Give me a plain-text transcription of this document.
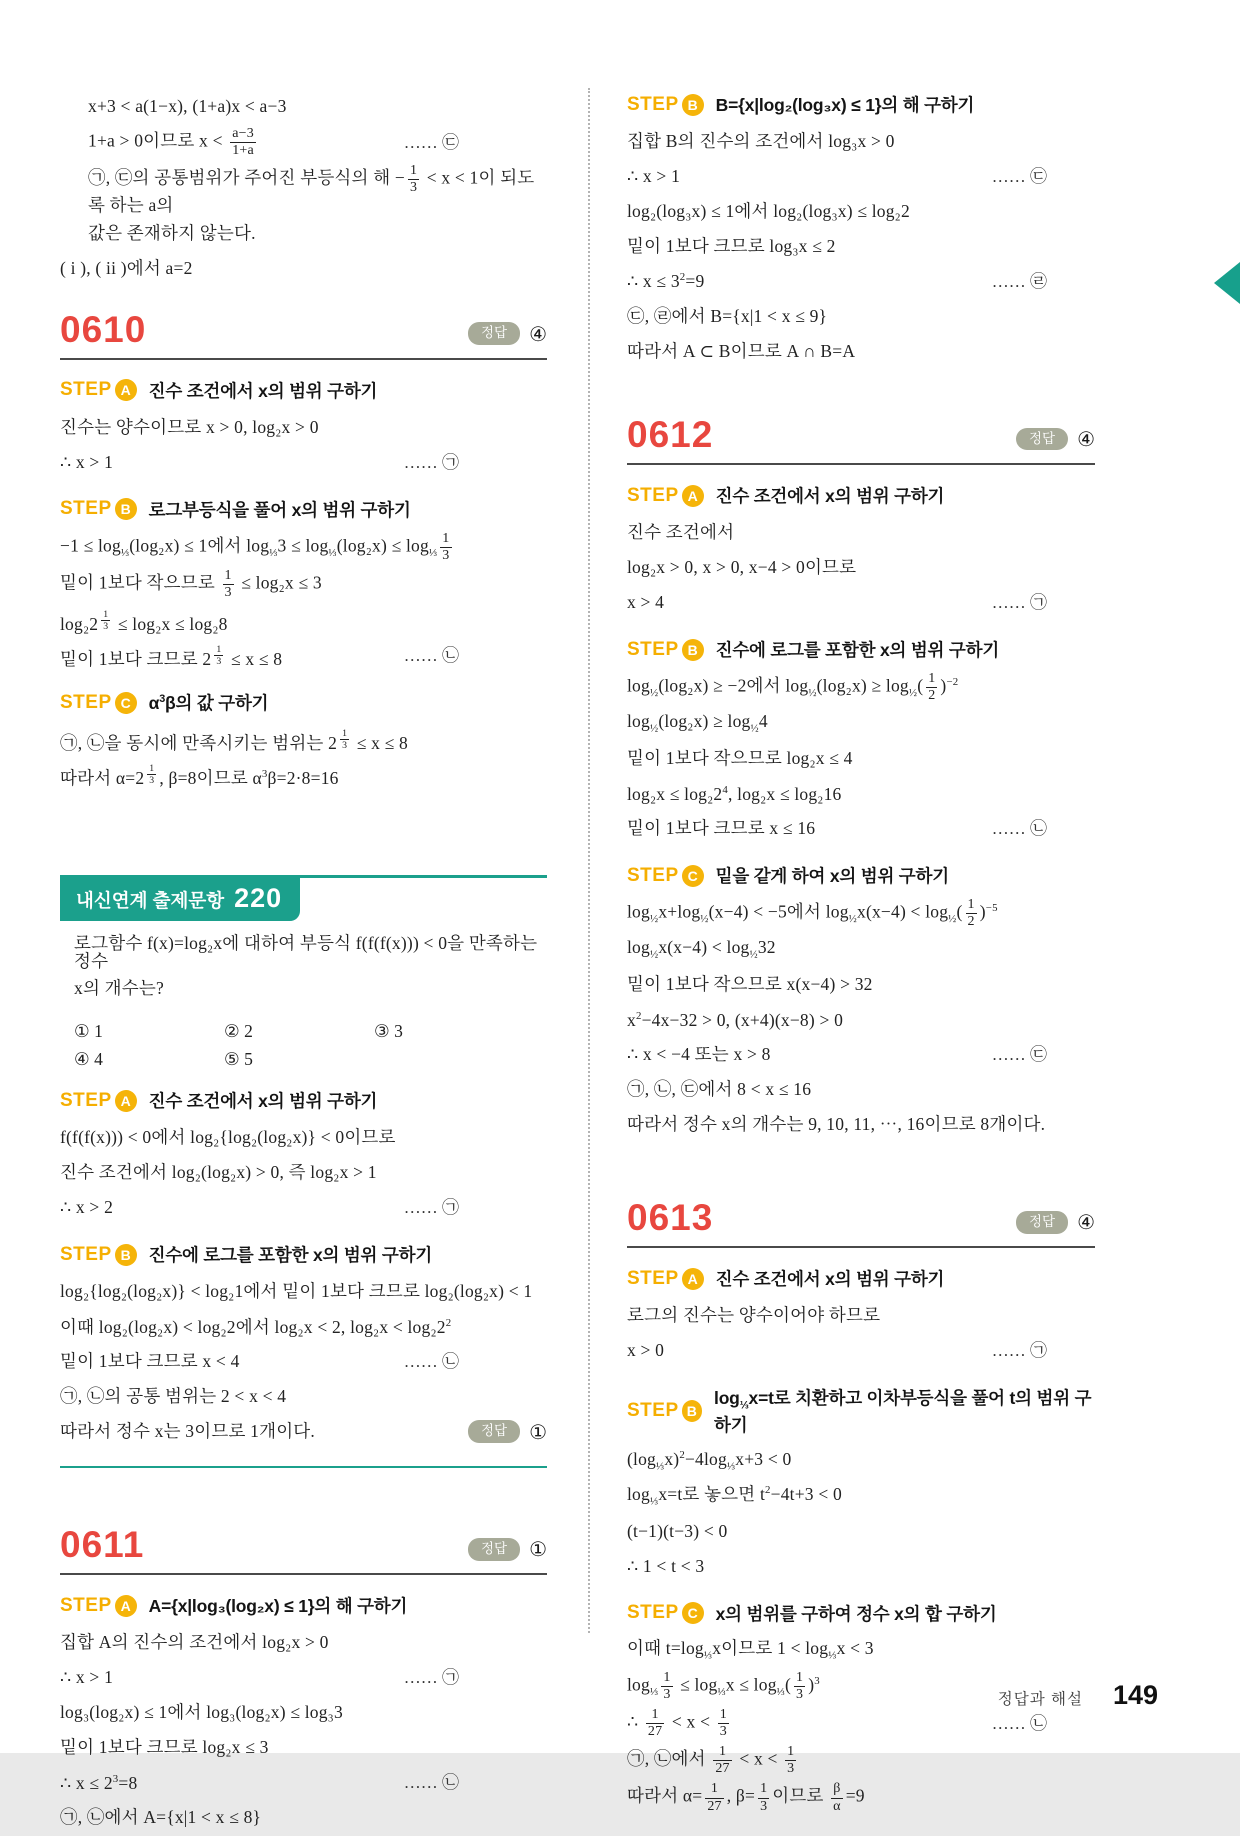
x+3 < a(1−x), (1+a)x < a−3
1+a > 0이므로 $x < \frac{a-3}{1+a}$	…… ㉢
㉠, ㉢의 공통범위가 주어진 부등식의 해 − $\frac{1}{3} < x < 1$이 되도록 하는 a의
값은 존재하지 않는다.
( i ), ( ii )에서 a=2
0610	정답	④
STEP A	진수 조건에서 x의 범위 구하기
진수는 양수이므로 x > 0, log₂x > 0
∴ x > 1	…… ㉠
STEP B	로그부등식을 풀어 x의 범위 구하기
$-1 \le \log_{\frac{1}{3}}(\log_2x) \le 1$에서 $\log_{\frac{1}{3}}3 \le \log_{\frac{1}{3}}(\log_2x) \le \log_{\frac{1}{3}} \frac{1}{3}$
밑이 1보다 작으므로 $\frac{1}{3} \le \log_2x \le 3$
log₂2 $^{\frac{1}{3}}$ ≤ log₂x ≤ log₂8
밑이 1보다 크므로 2 $^{\frac{1}{3}}$ ≤ x ≤ 8	…… ㉡
STEP C	$\alpha^3\beta$의 값 구하기
㉠, ㉡을 동시에 만족시키는 범위는 2 $^{\frac{1}{3}}$ ≤ x ≤ 8
따라서 α=2 $^{\frac{1}{3}}$ , β=8이므로 $\alpha^3\beta=2\cdot 8=16$
내신연계 출제문항 220
로그함수 f(x)=log₂x에 대하여 부등식 f(f(f(x))) < 0을 만족하는 정수
x의 개수는?
① 1	② 2	③ 3
④ 4	⑤ 5
STEP A	진수 조건에서 x의 범위 구하기
f(f(f(x))) < 0에서 log₂{log₂(log₂x)} < 0이므로
진수 조건에서 log₂(log₂x) > 0, 즉 log₂x > 1
∴ x > 2	…… ㉠
STEP B	진수에 로그를 포함한 x의 범위 구하기
log₂{log₂(log₂x)} < log₂1에서 밑이 1보다 크므로 log₂(log₂x) < 1
이때 log₂(log₂x) < log₂2에서 log₂x < 2, $\log_2x < \log_22^2$
밑이 1보다 크므로 x < 4	…… ㉡
㉠, ㉡의 공통 범위는 2 < x < 4
따라서 정수 x는 3이므로 1개이다.	정답	①
0611	정답	①
STEP A	A={x|log₃(log₂x) ≤ 1}의 해 구하기
집합 A의 진수의 조건에서 log₂x > 0
∴ x > 1	…… ㉠
log₃(log₂x) ≤ 1에서 log₃(log₂x) ≤ log₃3
밑이 1보다 크므로 log₂x ≤ 3
∴ $x \le 2^3=8$	…… ㉡
㉠, ㉡에서 A={x|1 < x ≤ 8}
STEP B	B={x|log₂(log₃x) ≤ 1}의 해 구하기
집합 B의 진수의 조건에서 log₃x > 0
∴ x > 1	…… ㉢
log₂(log₃x) ≤ 1에서 log₂(log₃x) ≤ log₂2
밑이 1보다 크므로 log₃x ≤ 2
∴ $x \le 3^2=9$	…… ㉣
㉢, ㉣에서 B={x|1 < x ≤ 9}
따라서 A ⊂ B이므로 A ∩ B=A
0612	정답	④
STEP A	진수 조건에서 x의 범위 구하기
진수 조건에서
log₂x > 0, x > 0, x−4 > 0이므로
x > 4	…… ㉠
STEP B	진수에 로그를 포함한 x의 범위 구하기
$\log_{\frac{1}{2}}(\log_2x) \ge -2$에서 $\log_{\frac{1}{2}}(\log_2x) \ge \log_{\frac{1}{2}}( \frac{1}{2} )^{-2}$
$\log_{\frac{1}{2}}(\log_2x) \ge \log_{\frac{1}{2}}4$
밑이 1보다 작으므로 log₂x ≤ 4
$\log_2x \le \log_22^4$, log₂x ≤ log₂16
밑이 1보다 크므로 x ≤ 16	…… ㉡
STEP C	밑을 같게 하여 x의 범위 구하기
$\log_{\frac{1}{2}}x+\log_{\frac{1}{2}}(x-4) < -5$에서 $\log_{\frac{1}{2}}x(x-4) < \log_{\frac{1}{2}}( \frac{1}{2} )^{-5}$
$\log_{\frac{1}{2}}x(x-4) < \log_{\frac{1}{2}}32$
밑이 1보다 작으므로 x(x−4) > 32
$x^2-4x-32 > 0$, (x+4)(x−8) > 0
∴ x < −4 또는 x > 8	…… ㉢
㉠, ㉡, ㉢에서 8 < x ≤ 16
따라서 정수 x의 개수는 9, 10, 11, ⋯, 16이므로 8개이다.
0613	정답	④
STEP A	진수 조건에서 x의 범위 구하기
로그의 진수는 양수이어야 하므로
x > 0	…… ㉠
STEP B
$\log_{\frac{1}{3}}x=t$로 치환하고 이차부등식을 풀어 t의 범위 구하기
$(\log_{\frac{1}{3}}x)^2-4\log_{\frac{1}{3}}x+3 < 0$
$\log_{\frac{1}{3}}x=t$로 놓으면 $t^2-4t+3 < 0$
(t−1)(t−3) < 0
∴ 1 < t < 3
STEP C	x의 범위를 구하여 정수 x의 합 구하기
이때 $t=\log_{\frac{1}{3}}x$이므로 $1 < \log_{\frac{1}{3}}x < 3$
$\log_{\frac{1}{3}} \frac{1}{3} \le \log_{\frac{1}{3}}x \le \log_{\frac{1}{3}}( \frac{1}{3} )^3$
∴ $\frac{1}{27} < x < \frac{1}{3}$	…… ㉡
㉠, ㉡에서 $\frac{1}{27} < x < \frac{1}{3}$
따라서 $\alpha= \frac{1}{27}$ , $\beta= \frac{1}{3}$ 이므로 $\frac{\beta}{\alpha} =9$
정답과 해설 149
